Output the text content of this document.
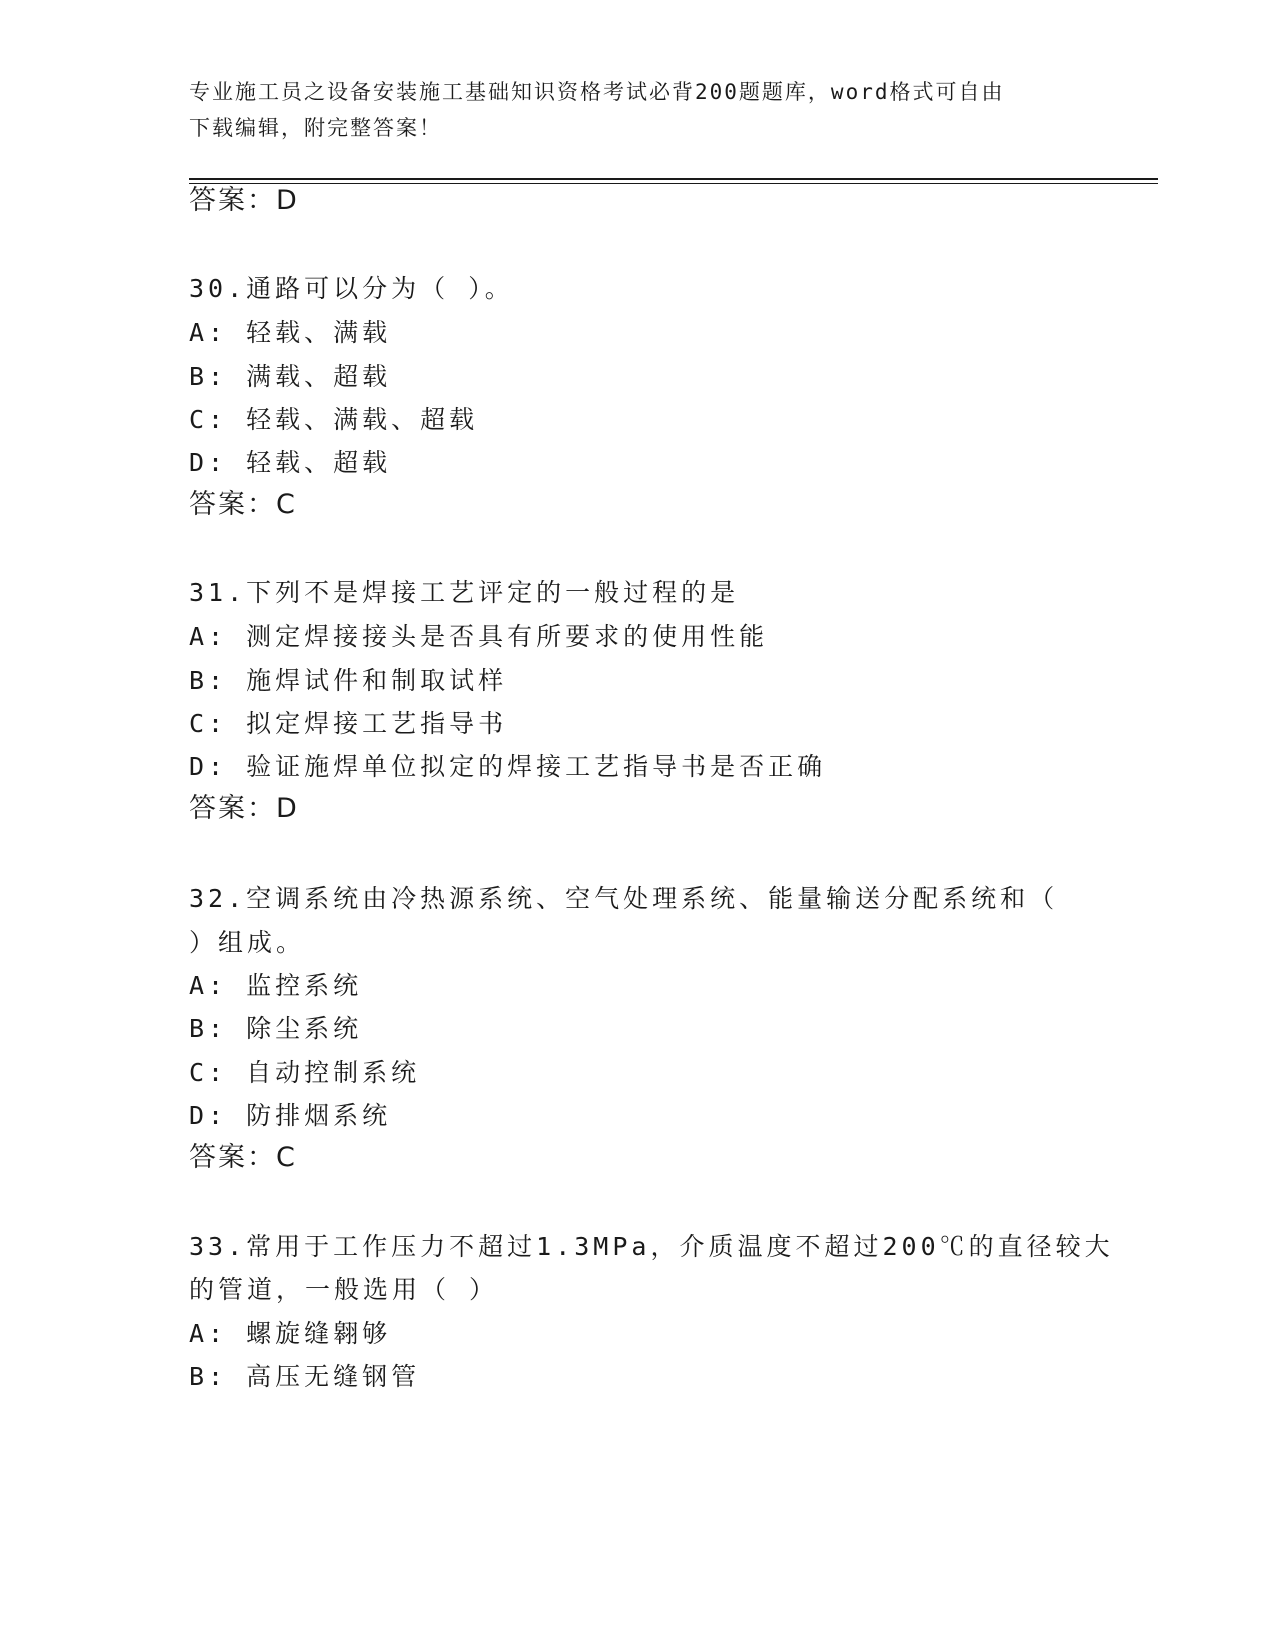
专业施工员之设备安装施工基础知识资格考试必背200题题库，word格式可自由
下载编辑，附完整答案！
答案：D
30.通路可以分为（ ）。
A: 轻载、满载
B: 满载、超载
C: 轻载、满载、超载
D: 轻载、超载
答案：C
31.下列不是焊接工艺评定的一般过程的是
A: 测定焊接接头是否具有所要求的使用性能
B: 施焊试件和制取试样
C: 拟定焊接工艺指导书
D: 验证施焊单位拟定的焊接工艺指导书是否正确
答案：D
32.空调系统由冷热源系统、空气处理系统、能量输送分配系统和（
）组成。
A: 监控系统
B: 除尘系统
C: 自动控制系统
D: 防排烟系统
答案：C
33.常用于工作压力不超过1.3MPa，介质温度不超过200℃的直径较大
的管道，一般选用（ ）
A: 螺旋缝翱够
B: 高压无缝钢管
